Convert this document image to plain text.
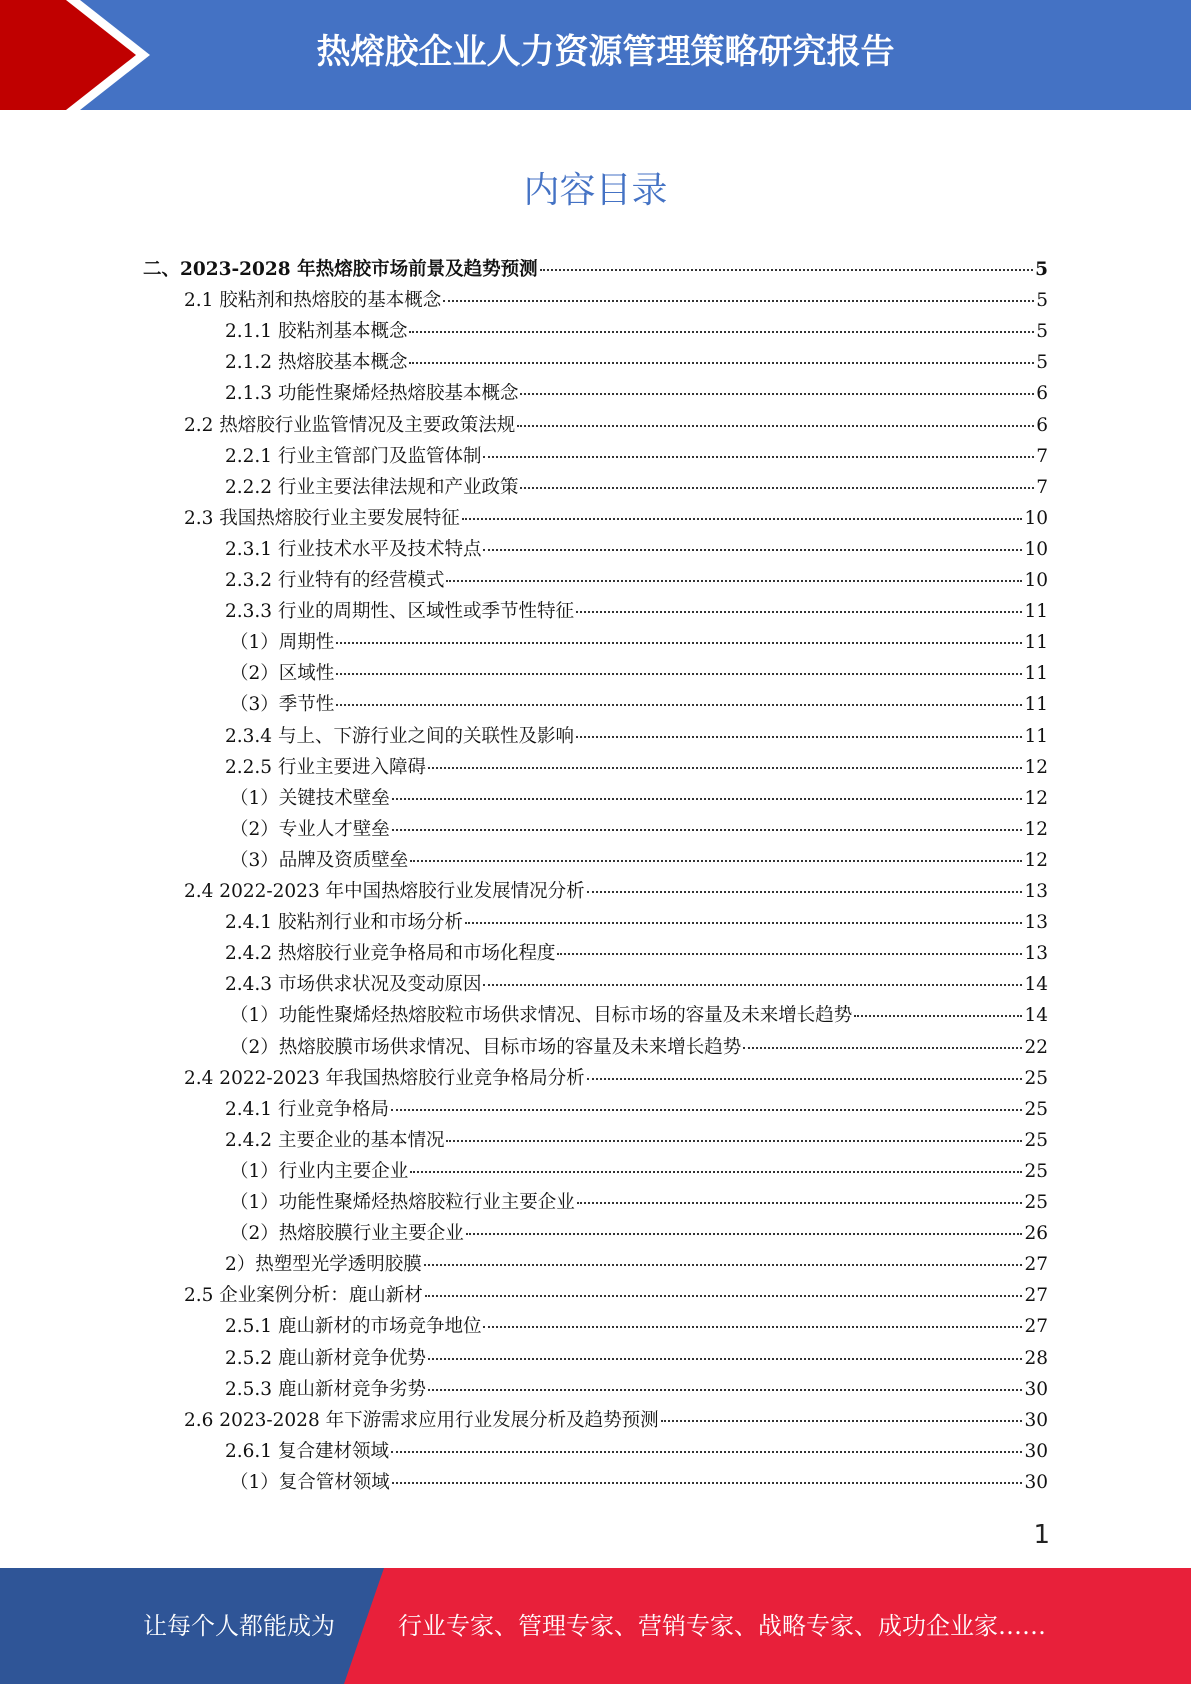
热熔胶企业人力资源管理策略研究报告
内容目录
二、2023-2028 年热熔胶市场前景及趋势预测	5
2.1 胶粘剂和热熔胶的基本概念	5
2.1.1 胶粘剂基本概念	5
2.1.2 热熔胶基本概念	5
2.1.3 功能性聚烯烃热熔胶基本概念	6
2.2 热熔胶行业监管情况及主要政策法规	6
2.2.1 行业主管部门及监管体制	7
2.2.2 行业主要法律法规和产业政策	7
2.3 我国热熔胶行业主要发展特征	10
2.3.1 行业技术水平及技术特点	10
2.3.2 行业特有的经营模式	10
2.3.3 行业的周期性、区域性或季节性特征	11
（1）周期性	11
（2）区域性	11
（3）季节性	11
2.3.4 与上、下游行业之间的关联性及影响	11
2.2.5 行业主要进入障碍	12
（1）关键技术壁垒	12
（2）专业人才壁垒	12
（3）品牌及资质壁垒	12
2.4 2022-2023 年中国热熔胶行业发展情况分析	13
2.4.1 胶粘剂行业和市场分析	13
2.4.2 热熔胶行业竞争格局和市场化程度	13
2.4.3 市场供求状况及变动原因	14
（1）功能性聚烯烃热熔胶粒市场供求情况、目标市场的容量及未来增长趋势	14
（2）热熔胶膜市场供求情况、目标市场的容量及未来增长趋势	22
2.4 2022-2023 年我国热熔胶行业竞争格局分析	25
2.4.1 行业竞争格局	25
2.4.2 主要企业的基本情况	25
（1）行业内主要企业	25
（1）功能性聚烯烃热熔胶粒行业主要企业	25
（2）热熔胶膜行业主要企业	26
2）热塑型光学透明胶膜	27
2.5 企业案例分析：鹿山新材	27
2.5.1 鹿山新材的市场竞争地位	27
2.5.2 鹿山新材竞争优势	28
2.5.3 鹿山新材竞争劣势	30
2.6 2023-2028 年下游需求应用行业发展分析及趋势预测	30
2.6.1 复合建材领域	30
（1）复合管材领域	30
1
让每个人都能成为	行业专家、管理专家、营销专家、战略专家、成功企业家……
